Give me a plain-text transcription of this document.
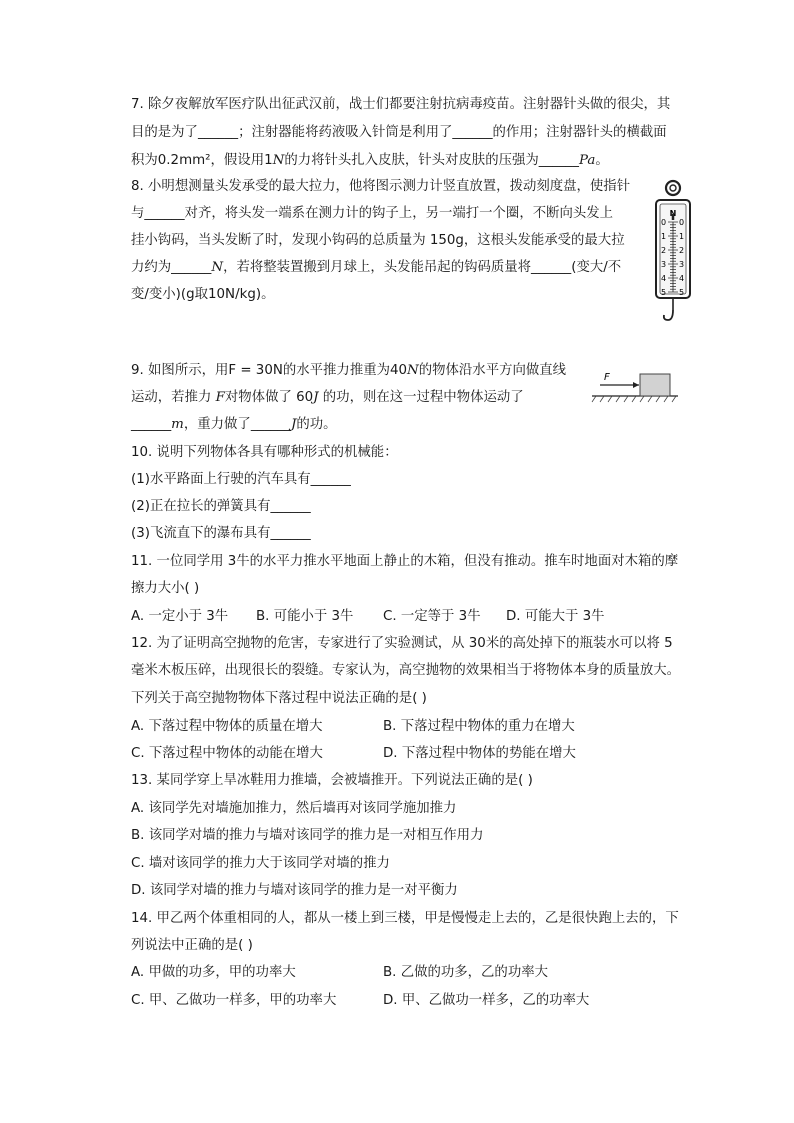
7. 除夕夜解放军医疗队出征武汉前，战士们都要注射抗病毒疫苗。注射器针头做的很尖，其
目的是为了______；注射器能将药液吸入针筒是利用了______的作用；注射器针头的横截面
积为0.2mm²，假设用1N的力将针头扎入皮肤，针头对皮肤的压强为______Pa。
8. 小明想测量头发承受的最大拉力，他将图示测力计竖直放置，拨动刻度盘，使指针
与______对齐，将头发一端系在测力计的钩子上，另一端打一个圈，不断向头发上
挂小钩码，当头发断了时，发现小钩码的总质量为 150g，这根头发能承受的最大拉
力约为______N，若将整装置搬到月球上，头发能吊起的钩码质量将______(变大/不
变/变小)(g取10N/kg)。
N
0 0
1 1
2 2
3 3
4 4
5 5
9. 如图所示，用F = 30N的水平推力推重为40N的物体沿水平方向做直线
运动，若推力 F对物体做了 60J 的功，则在这一过程中物体运动了
______m，重力做了______J的功。
F
10. 说明下列物体各具有哪种形式的机械能：
(1)水平路面上行驶的汽车具有______
(2)正在拉长的弹簧具有______
(3)飞流直下的瀑布具有______
11. 一位同学用 3牛的水平力推水平地面上静止的木箱，但没有推动。推车时地面对木箱的摩
擦力大小( )
A. 一定小于 3牛 B. 可能小于 3牛 C. 一定等于 3牛 D. 可能大于 3牛
12. 为了证明高空抛物的危害，专家进行了实验测试，从 30米的高处掉下的瓶装水可以将 5
毫米木板压碎，出现很长的裂缝。专家认为，高空抛物的效果相当于将物体本身的质量放大。
下列关于高空抛物物体下落过程中说法正确的是( )
A. 下落过程中物体的质量在增大	B. 下落过程中物体的重力在增大
C. 下落过程中物体的动能在增大	D. 下落过程中物体的势能在增大
13. 某同学穿上旱冰鞋用力推墙，会被墙推开。下列说法正确的是( )
A. 该同学先对墙施加推力，然后墙再对该同学施加推力
B. 该同学对墙的推力与墙对该同学的推力是一对相互作用力
C. 墙对该同学的推力大于该同学对墙的推力
D. 该同学对墙的推力与墙对该同学的推力是一对平衡力
14. 甲乙两个体重相同的人，都从一楼上到三楼，甲是慢慢走上去的，乙是很快跑上去的，下
列说法中正确的是( )
A. 甲做的功多，甲的功率大	B. 乙做的功多，乙的功率大
C. 甲、乙做功一样多，甲的功率大	D. 甲、乙做功一样多，乙的功率大
